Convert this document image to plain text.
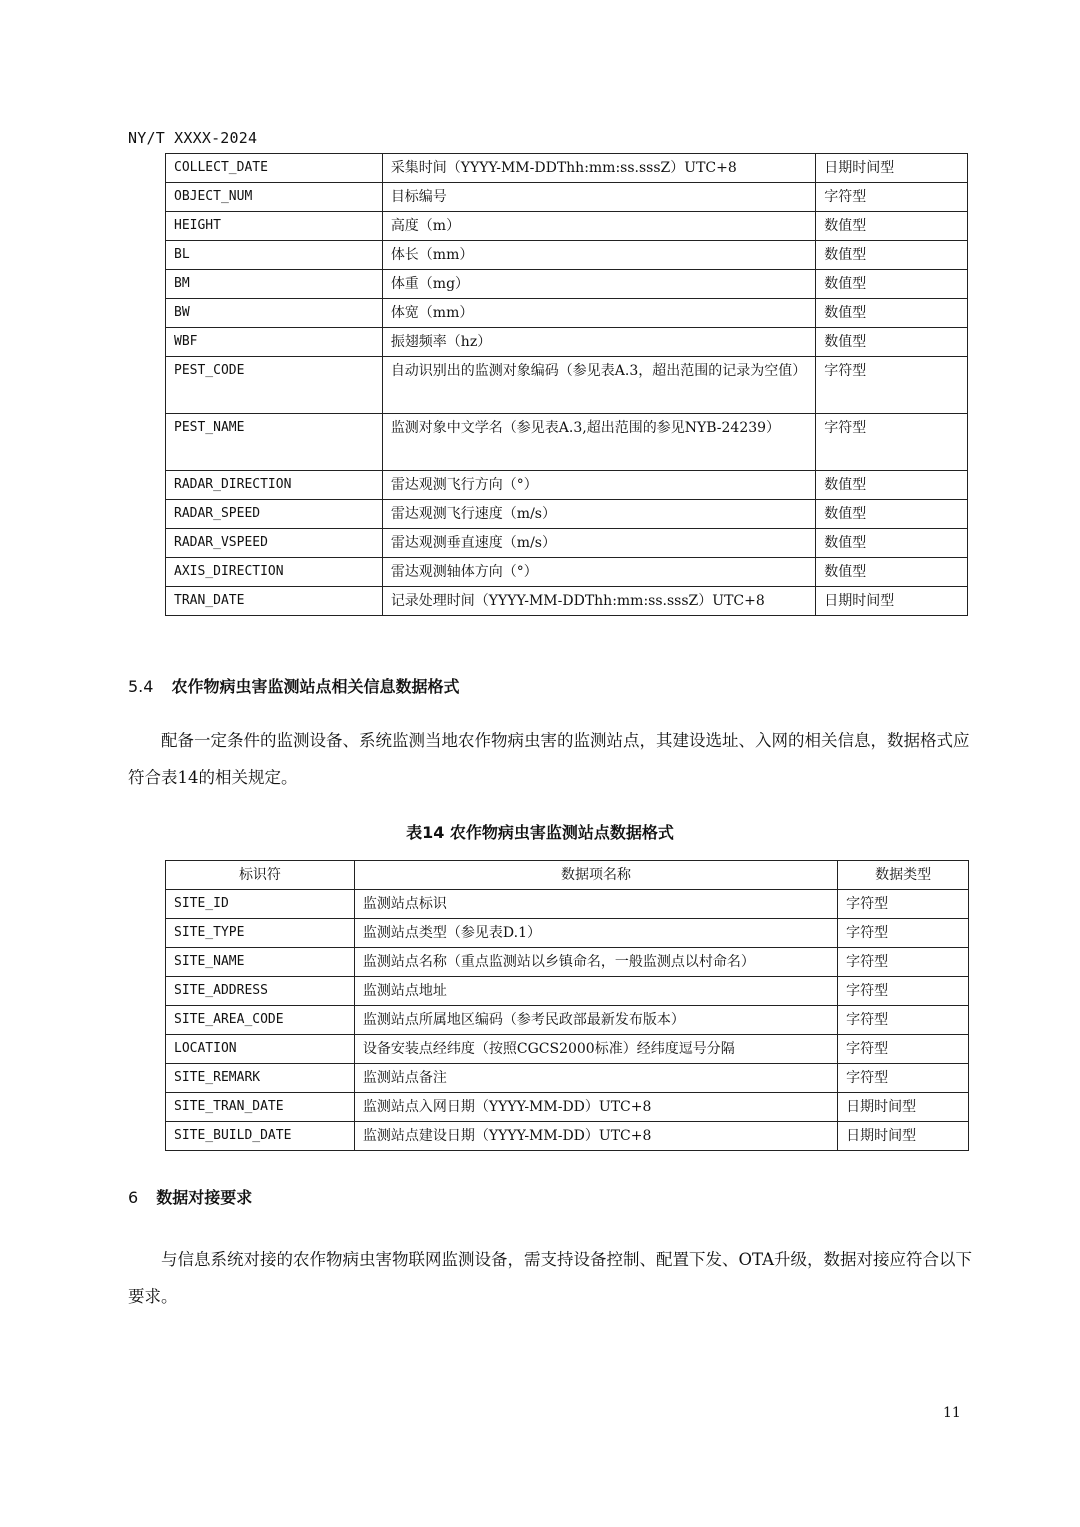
NY/T XXXX-2024
COLLECT_DATE	采集时间（YYYY-MM-DDThh:mm:ss.sssZ）UTC+8	日期时间型
OBJECT_NUM	目标编号	字符型
HEIGHT	高度（m）	数值型
BL	体长（mm）	数值型
BM	体重（mg）	数值型
BW	体宽（mm）	数值型
WBF	振翅频率（hz）	数值型
PEST_CODE	自动识别出的监测对象编码（参见表A.3，超出范围的记录为空值）	字符型
PEST_NAME	监测对象中文学名（参见表A.3,超出范围的参见NYB-24239）	字符型
RADAR_DIRECTION	雷达观测飞行方向（°）	数值型
RADAR_SPEED	雷达观测飞行速度（m/s）	数值型
RADAR_VSPEED	雷达观测垂直速度（m/s）	数值型
AXIS_DIRECTION	雷达观测轴体方向（°）	数值型
TRAN_DATE	记录处理时间（YYYY-MM-DDThh:mm:ss.sssZ）UTC+8	日期时间型
5.4 农作物病虫害监测站点相关信息数据格式
配备一定条件的监测设备、系统监测当地农作物病虫害的监测站点，其建设选址、入网的相关信息，数据格式应符合表14的相关规定。
表14 农作物病虫害监测站点数据格式
标识符	数据项名称	数据类型
SITE_ID	监测站点标识	字符型
SITE_TYPE	监测站点类型（参见表D.1）	字符型
SITE_NAME	监测站点名称（重点监测站以乡镇命名，一般监测点以村命名）	字符型
SITE_ADDRESS	监测站点地址	字符型
SITE_AREA_CODE	监测站点所属地区编码（参考民政部最新发布版本）	字符型
LOCATION	设备安装点经纬度（按照CGCS2000标准）经纬度逗号分隔	字符型
SITE_REMARK	监测站点备注	字符型
SITE_TRAN_DATE	监测站点入网日期（YYYY-MM-DD）UTC+8	日期时间型
SITE_BUILD_DATE	监测站点建设日期（YYYY-MM-DD）UTC+8	日期时间型
6 数据对接要求
与信息系统对接的农作物病虫害物联网监测设备，需支持设备控制、配置下发、OTA升级，数据对接应符合以下要求。
11
